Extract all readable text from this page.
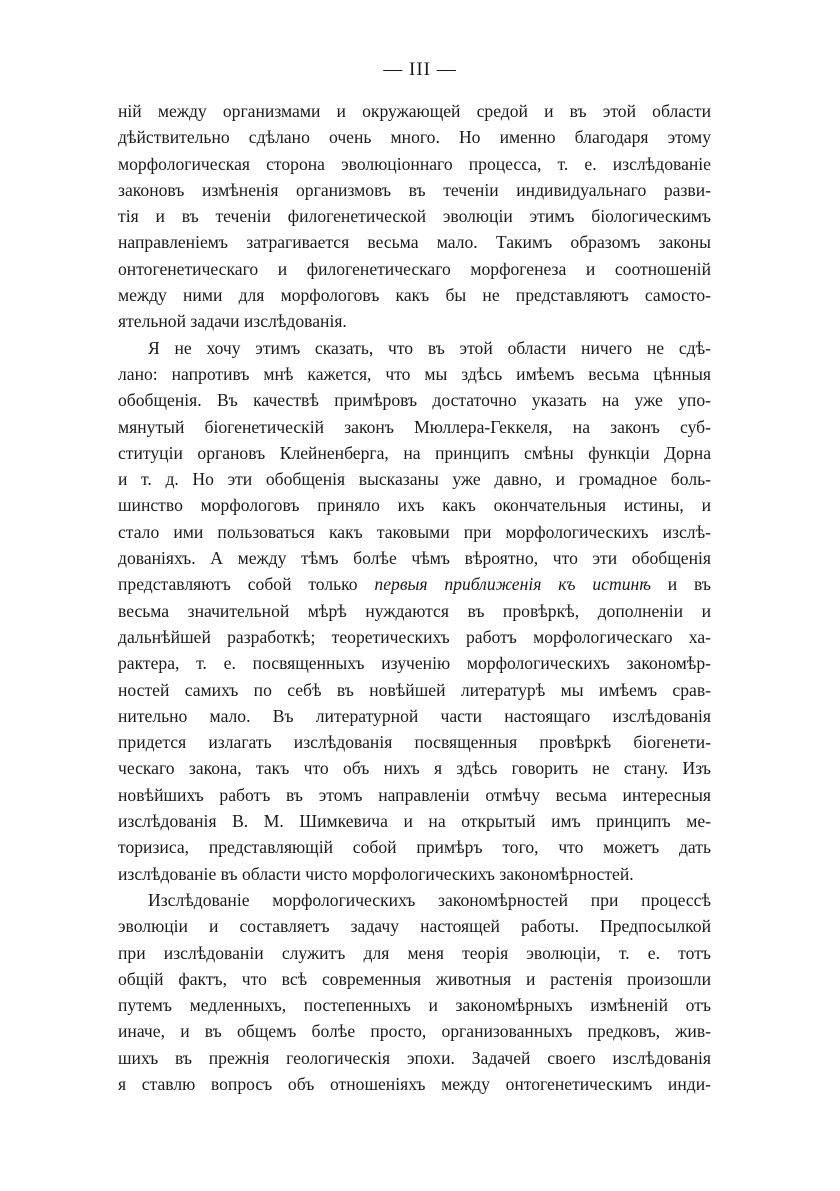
— III —
ній между организмами и окружающей средой и въ этой области
дѣйствительно сдѣлано очень много. Но именно благодаря этому
морфологическая сторона эволюціоннаго процесса, т. е. изслѣдованіе
законовъ измѣненія организмовъ въ теченіи индивидуальнаго разви-
тія и въ теченіи филогенетической эволюціи этимъ біологическимъ
направленіемъ затрагивается весьма мало. Такимъ образомъ законы
онтогенетическаго и филогенетическаго морфогенеза и соотношеній
между ними для морфологовъ какъ бы не представляютъ самосто-
ятельной задачи изслѣдованія.
Я не хочу этимъ сказать, что въ этой области ничего не сдѣ-
лано: напротивъ мнѣ кажется, что мы здѣсь имѣемъ весьма цѣнныя
обобщенія. Въ качествѣ примѣровъ достаточно указать на уже упо-
мянутый біогенетическій законъ Мюллера-Геккеля, на законъ суб-
ституціи органовъ Клейненберга, на принципъ смѣны функціи Дорна
и т. д. Но эти обобщенія высказаны уже давно, и громадное боль-
шинство морфологовъ приняло ихъ какъ окончательныя истины, и
стало ими пользоваться какъ таковыми при морфологическихъ изслѣ-
дованіяхъ. А между тѣмъ болѣе чѣмъ вѣроятно, что эти обобщенія
представляютъ собой только первыя приближенія къ истинѣ и въ
весьма значительной мѣрѣ нуждаются въ провѣркѣ, дополненіи и
дальнѣйшей разработкѣ; теоретическихъ работъ морфологическаго ха-
рактера, т. е. посвященныхъ изученію морфологическихъ закономѣр-
ностей самихъ по себѣ въ новѣйшей литературѣ мы имѣемъ срав-
нительно мало. Въ литературной части настоящаго изслѣдованія
придется излагать изслѣдованія посвященныя провѣркѣ біогенети-
ческаго закона, такъ что объ нихъ я здѣсь говорить не стану. Изъ
новѣйшихъ работъ въ этомъ направленіи отмѣчу весьма интересныя
изслѣдованія В. М. Шимкевича и на открытый имъ принципъ ме-
торизиса, представляющій собой примѣръ того, что можетъ дать
изслѣдованіе въ области чисто морфологическихъ закономѣрностей.
Изслѣдованіе морфологическихъ закономѣрностей при процессѣ
эволюціи и составляетъ задачу настоящей работы. Предпосылкой
при изслѣдованіи служитъ для меня теорія эволюціи, т. е. тотъ
общій фактъ, что всѣ современныя животныя и растенія произошли
путемъ медленныхъ, постепенныхъ и закономѣрныхъ измѣненій отъ
иначе, и въ общемъ болѣе просто, организованныхъ предковъ, жив-
шихъ въ прежнія геологическія эпохи. Задачей своего изслѣдованія
я ставлю вопросъ объ отношеніяхъ между онтогенетическимъ инди-
